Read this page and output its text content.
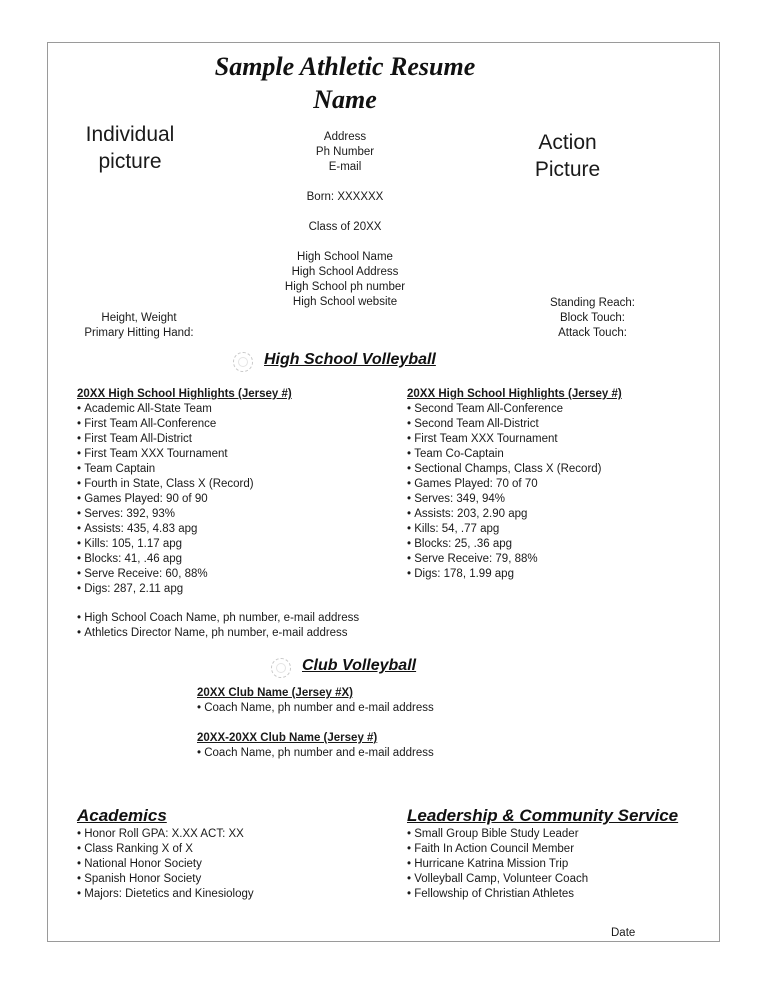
Sample Athletic Resume
Name
Individual
picture
Action
Picture
Address
Ph Number
E-mail
Born: XXXXXX
Class of 20XX
High School Name
High School Address
High School ph number
High School website
Height, Weight
Primary Hitting Hand:
Standing Reach:
Block Touch:
Attack Touch:
High School Volleyball
20XX High School Highlights (Jersey #)
• Academic All-State Team
• First Team All-Conference
• First Team All-District
• First Team XXX Tournament
• Team Captain
• Fourth in State, Class X (Record)
• Games Played: 90 of 90
• Serves: 392, 93%
• Assists: 435, 4.83 apg
• Kills: 105, 1.17 apg
• Blocks: 41, .46 apg
• Serve Receive: 60, 88%
• Digs: 287, 2.11 apg
20XX High School Highlights (Jersey #)
• Second Team All-Conference
• Second Team All-District
• First Team XXX Tournament
• Team Co-Captain
• Sectional Champs, Class X (Record)
• Games Played: 70 of 70
• Serves: 349, 94%
• Assists: 203, 2.90 apg
• Kills: 54, .77 apg
• Blocks: 25, .36 apg
• Serve Receive: 79, 88%
• Digs: 178, 1.99 apg
• High School Coach Name, ph number, e-mail address
• Athletics Director Name, ph number, e-mail address
Club Volleyball
20XX Club Name (Jersey #X)
• Coach Name, ph number and e-mail address
20XX-20XX Club Name (Jersey #)
• Coach Name, ph number and e-mail address
Academics
• Honor Roll GPA: X.XX ACT: XX
• Class Ranking X of X
• National Honor Society
• Spanish Honor Society
• Majors: Dietetics and Kinesiology
Leadership & Community Service
• Small Group Bible Study Leader
• Faith In Action Council Member
• Hurricane Katrina Mission Trip
• Volleyball Camp, Volunteer Coach
• Fellowship of Christian Athletes
Date
